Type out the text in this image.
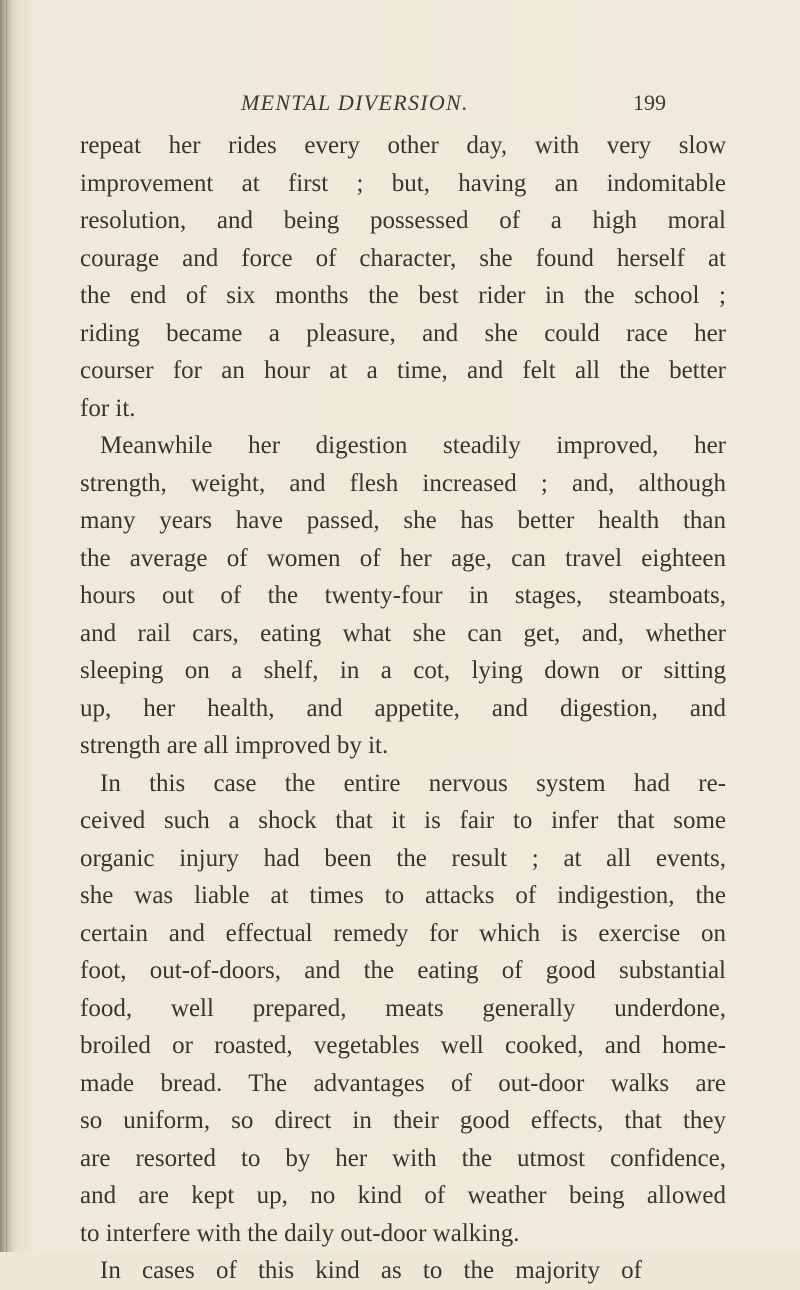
MENTAL DIVERSION.	199
repeat her rides every other day, with very slow
improvement at first ; but, having an indomitable
resolution, and being possessed of a high moral
courage and force of character, she found herself at
the end of six months the best rider in the school ;
riding became a pleasure, and she could race her
courser for an hour at a time, and felt all the better
for it.
Meanwhile her digestion steadily improved, her
strength, weight, and flesh increased ; and, although
many years have passed, she has better health than
the average of women of her age, can travel eighteen
hours out of the twenty-four in stages, steamboats,
and rail cars, eating what she can get, and, whether
sleeping on a shelf, in a cot, lying down or sitting
up, her health, and appetite, and digestion, and
strength are all improved by it.
In this case the entire nervous system had re-
ceived such a shock that it is fair to infer that some
organic injury had been the result ; at all events,
she was liable at times to attacks of indigestion, the
certain and effectual remedy for which is exercise on
foot, out-of-doors, and the eating of good substantial
food, well prepared, meats generally underdone,
broiled or roasted, vegetables well cooked, and home-
made bread. The advantages of out-door walks are
so uniform, so direct in their good effects, that they
are resorted to by her with the utmost confidence,
and are kept up, no kind of weather being allowed
to interfere with the daily out-door walking.
In cases of this kind as to the majority of
